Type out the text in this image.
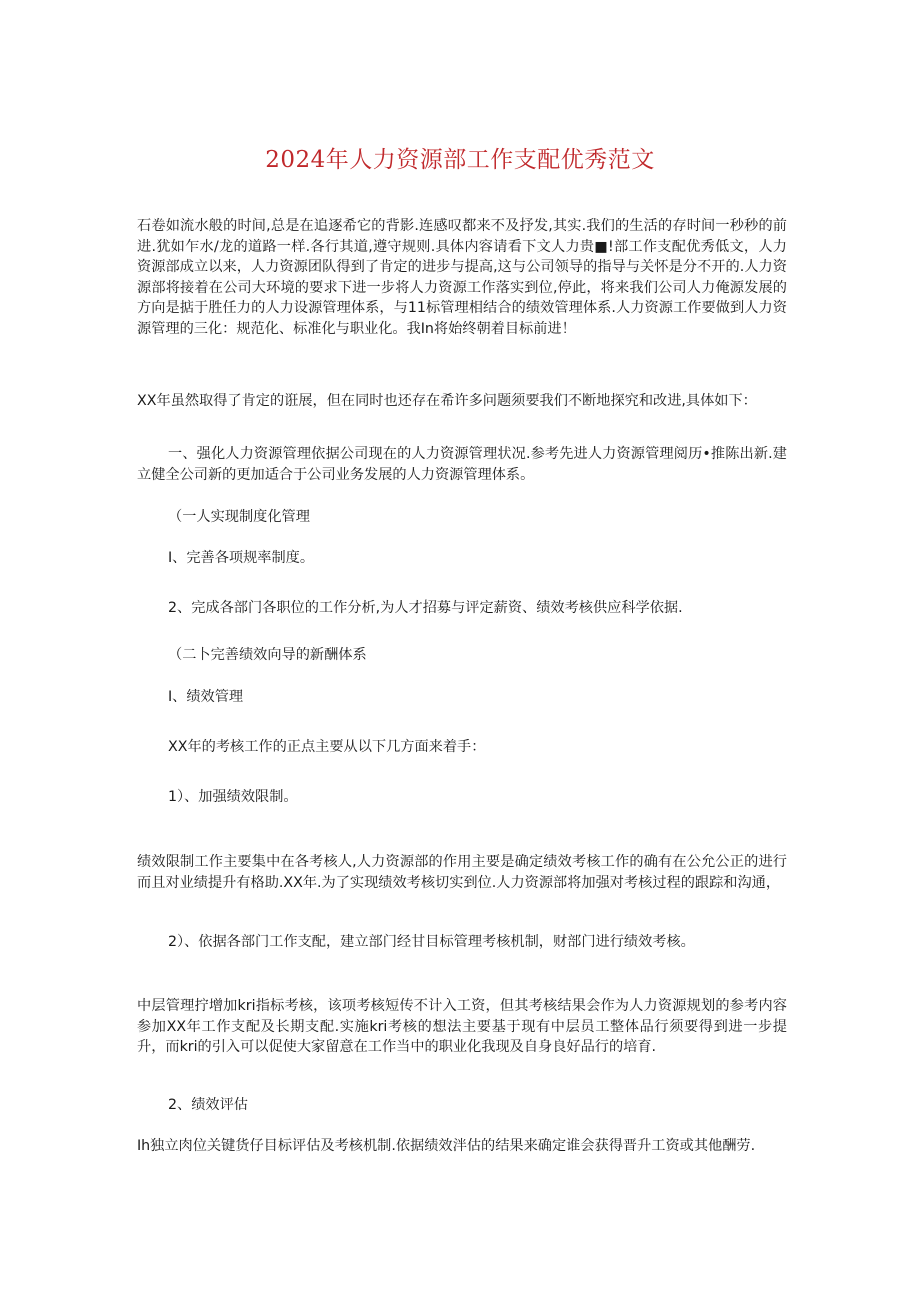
2024年人力资源部工作支配优秀范文

石卷如流水般的时间,总是在追逐希它的背影.连感叹都来不及抒发,其实.我们的生活的存时间一秒秒的前进.犹如乍水/龙的道路一样.各行其道,遵守规则.具体内容请看下文人力贵■!部工作支配优秀低文，人力资源部成立以来，人力资源团队得到了肯定的进步与提高,这与公司领导的指导与关怀是分不开的.人力资源部将接着在公司大环境的要求下进一步将人力资源工作落实到位,停此，将来我们公司人力俺源发展的方向是掂于胜任力的人力设源管理体系，与11标管理相结合的绩效管理体系.人力资源工作要做到人力资源管理的三化：规范化、标准化与职业化。我In将始终朝着目标前进！

XX年虽然取得了肯定的诳展，但在同时也还存在希许多问题须要我们不断地探究和改进,具体如下：

一、强化人力资源管理依据公司现在的人力资源管理状况.参考先进人力资源管理阅历•推陈出新.建立健全公司新的更加适合于公司业务发展的人力资源管理体系。

（一人实现制度化管理

I、完善各项规率制度。

2、完成各部门各职位的工作分析,为人才招募与评定薪资、绩效考核供应科学依据.

（二卜完善绩效向导的新酬体系

I、绩效管理

XX年的考核工作的正点主要从以下几方面来着手：

1）、加强绩效限制。

绩效限制工作主要集中在各考核人,人力资源部的作用主要是确定绩效考核工作的确有在公允公正的进行而且对业绩提升有格助.XX年.为了实现绩效考核切实到位.人力资源部将加强对考核过程的跟踪和沟通，

2）、依据各部门工作支配，建立部门经甘目标管理考核机制，财部门进行绩效考核。

中层管理拧增加kri指标考核，该项考核短传不计入工资，但其考核结果会作为人力资源规划的参考内容参加XX年工作支配及长期支配.实施kri考核的想法主要基于现有中层员工整体品行须要得到进一步提升，而kri的引入可以促使大家留意在工作当中的职业化我现及自身良好品行的培育.

2、绩效评估

Ih独立肉位关键货仔目标评估及考核机制.依据绩效泮估的结果来确定谁会获得晋升工资或其他酬劳.
